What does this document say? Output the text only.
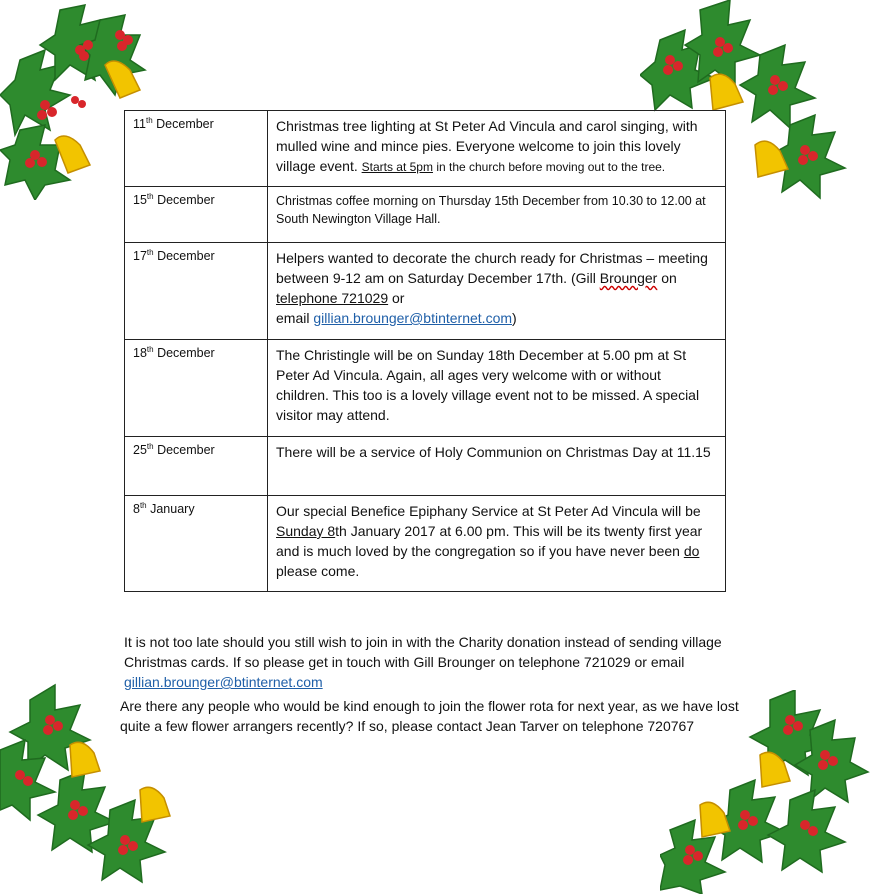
11th December	Christmas tree lighting at St Peter Ad Vincula and carol singing, with mulled wine and mince pies. Everyone welcome to join this lovely village event. Starts at 5pm in the church before moving out to the tree.
15th December	Christmas coffee morning on Thursday 15th December from 10.30 to 12.00 at South Newington Village Hall.
17th December	Helpers wanted to decorate the church ready for Christmas – meeting between 9-12 am on Saturday December 17th. (Gill Brounger on telephone 721029 or
email gillian.brounger@btinternet.com)
18th December	The Christingle will be on Sunday 18th December at 5.00 pm at St Peter Ad Vincula. Again, all ages very welcome with or without children. This too is a lovely village event not to be missed. A special visitor may attend.
25th December	There will be a service of Holy Communion on Christmas Day at 11.15
8th January	Our special Benefice Epiphany Service at St Peter Ad Vincula will be Sunday 8th January 2017 at 6.00 pm. This will be its twenty first year and is much loved by the congregation so if you have never been do please come.
It is not too late should you still wish to join in with the Charity donation instead of sending village Christmas cards. If so please get in touch with Gill Brounger on telephone 721029 or email
gillian.brounger@btinternet.com
Are there any people who would be kind enough to join the flower rota for next year, as we have lost quite a few flower arrangers recently? If so, please contact Jean Tarver on telephone 720767
